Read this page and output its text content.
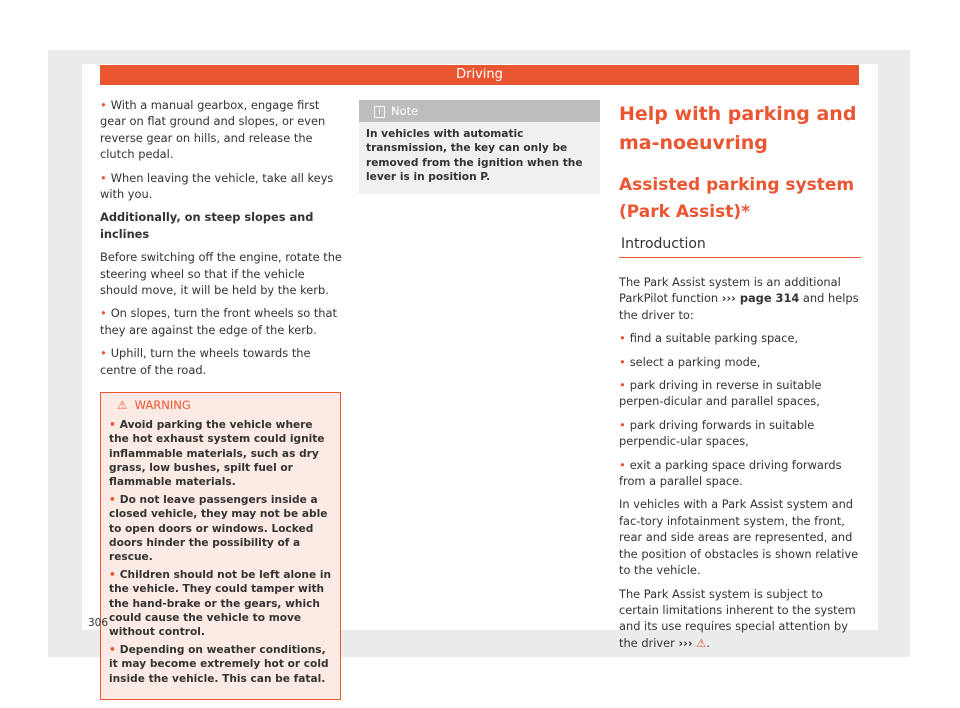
Driving

• With a manual gearbox, engage first gear on flat ground and slopes, or even reverse gear on hills, and release the clutch pedal.

• When leaving the vehicle, take all keys with you.

Additionally, on steep slopes and inclines

Before switching off the engine, rotate the steering wheel so that if the vehicle should move, it will be held by the kerb.

• On slopes, turn the front wheels so that they are against the edge of the kerb.

• Uphill, turn the wheels towards the centre of the road.

⚠ WARNING

• Avoid parking the vehicle where the hot exhaust system could ignite inflammable materials, such as dry grass, low bushes, spilt fuel or flammable materials.

• Do not leave passengers inside a closed vehicle, they may not be able to open doors or windows. Locked doors hinder the possibility of a rescue.

• Children should not be left alone in the vehicle. They could tamper with the hand-brake or the gears, which could cause the vehicle to move without control.

• Depending on weather conditions, it may become extremely hot or cold inside the vehicle. This can be fatal.

i Note
In vehicles with automatic transmission, the key can only be removed from the ignition when the lever is in position P.
Help with parking and ma-noeuvring
Assisted parking system (Park Assist)*
Introduction

The Park Assist system is an additional ParkPilot function ››› page 314 and helps the driver to:

• find a suitable parking space,

• select a parking mode,

• park driving in reverse in suitable perpen-dicular and parallel spaces,

• park driving forwards in suitable perpendic-ular spaces,

• exit a parking space driving forwards from a parallel space.

In vehicles with a Park Assist system and fac-tory infotainment system, the front, rear and side areas are represented, and the position of obstacles is shown relative to the vehicle.

The Park Assist system is subject to certain limitations inherent to the system and its use requires special attention by the driver ››› ⚠.

306
